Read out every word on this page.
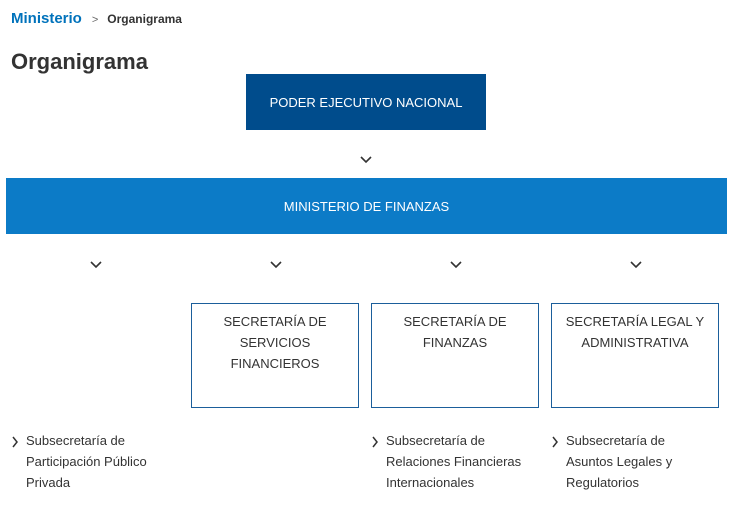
Ministerio > Organigrama
Organigrama
PODER EJECUTIVO NACIONAL
MINISTERIO DE FINANZAS
SECRETARÍA DE SERVICIOS FINANCIEROS
SECRETARÍA DE FINANZAS
SECRETARÍA LEGAL Y ADMINISTRATIVA
Subsecretaría de Participación Público Privada
Subsecretaría de Relaciones Financieras Internacionales
Subsecretaría de Asuntos Legales y Regulatorios
